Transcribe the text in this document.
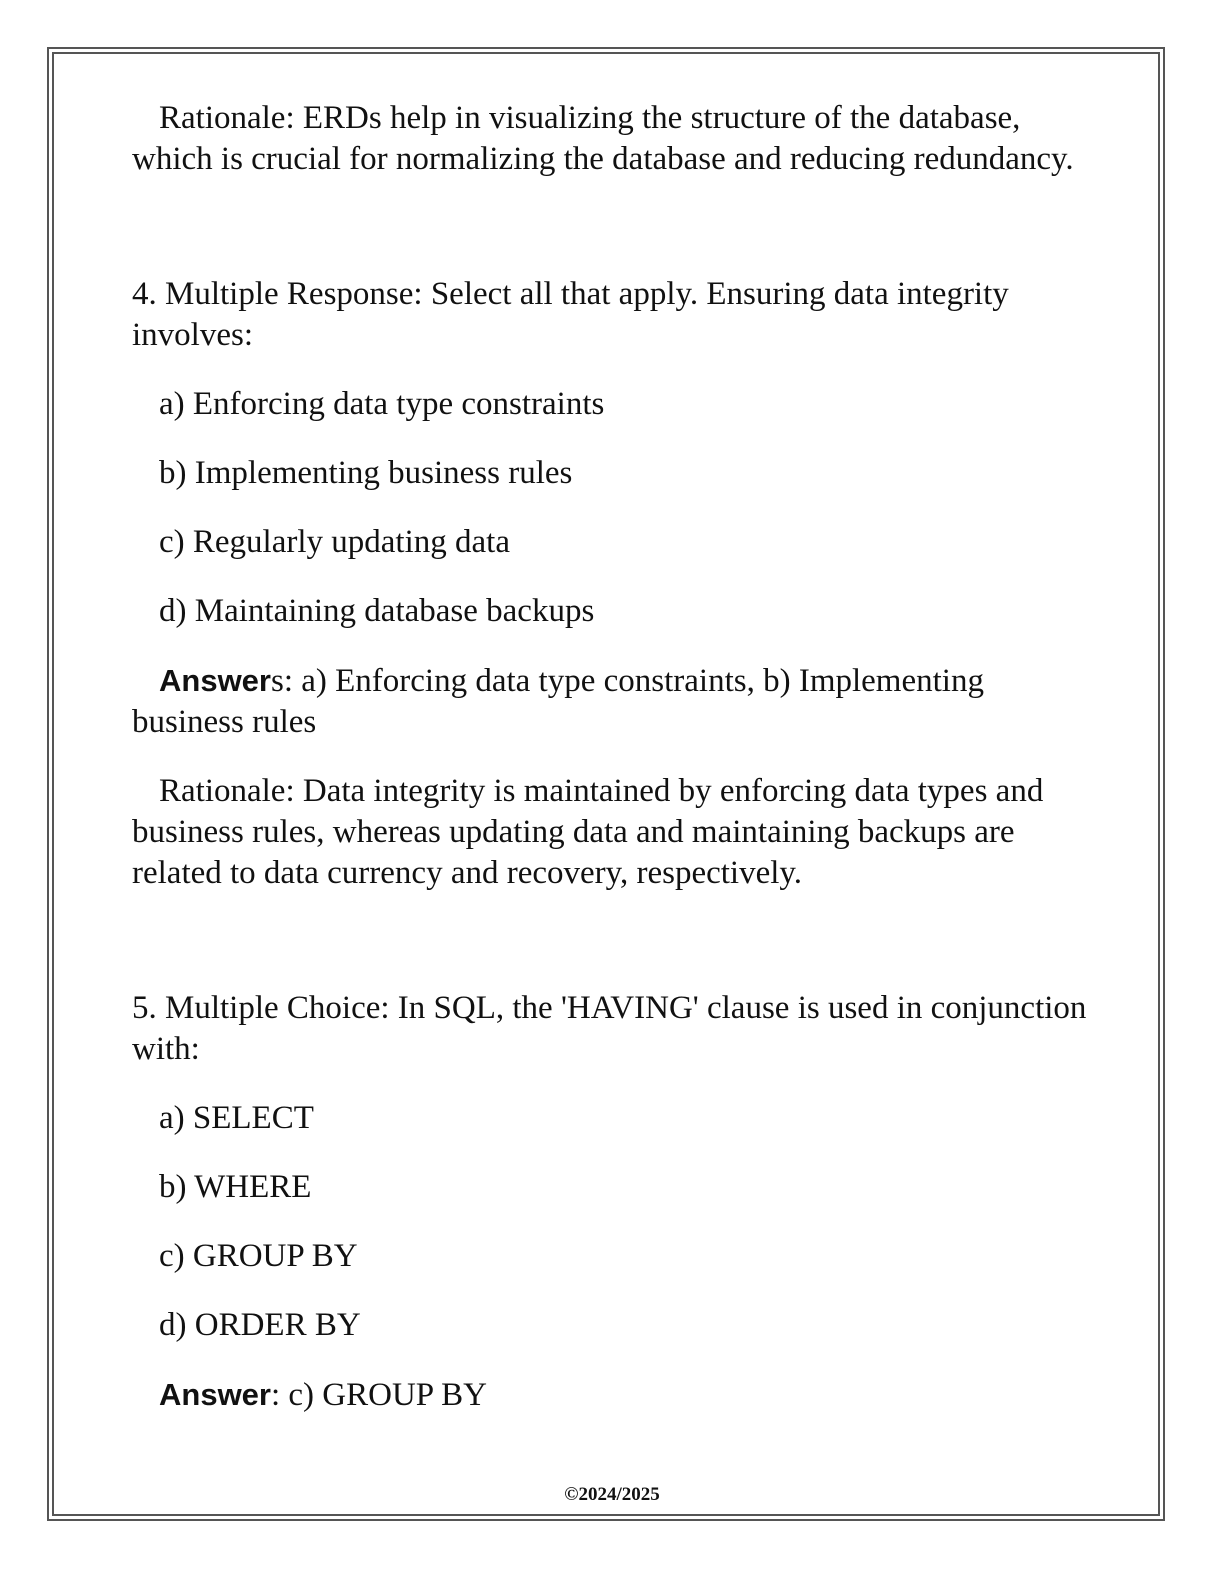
Rationale: ERDs help in visualizing the structure of the database, which is crucial for normalizing the database and reducing redundancy.

4. Multiple Response: Select all that apply. Ensuring data integrity involves:

a) Enforcing data type constraints

b) Implementing business rules

c) Regularly updating data

d) Maintaining database backups

Answers: a) Enforcing data type constraints, b) Implementing business rules

Rationale: Data integrity is maintained by enforcing data types and business rules, whereas updating data and maintaining backups are related to data currency and recovery, respectively.

5. Multiple Choice: In SQL, the 'HAVING' clause is used in conjunction with:

a) SELECT

b) WHERE

c) GROUP BY

d) ORDER BY

Answer: c) GROUP BY

©2024/2025
